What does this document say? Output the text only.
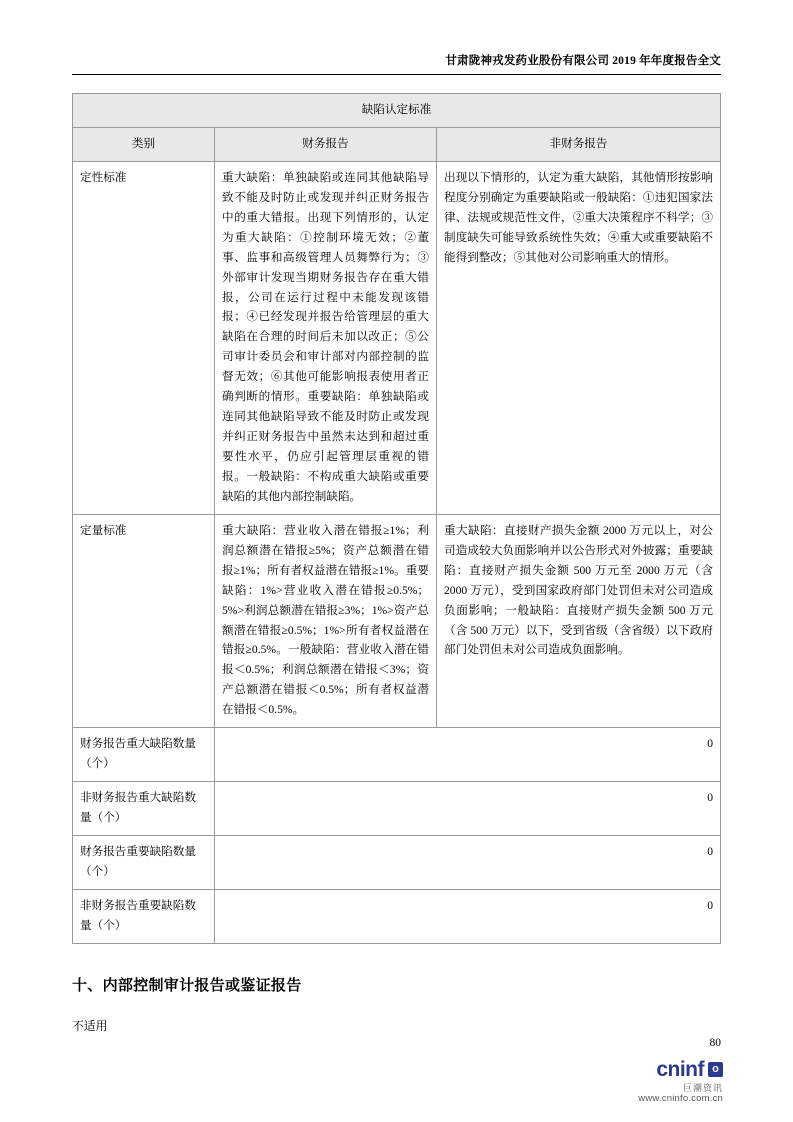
甘肃陇神戎发药业股份有限公司 2019 年年度报告全文
缺陷认定标准		
类别	财务报告	非财务报告
定性标准	重大缺陷：单独缺陷或连同其他缺陷导致不能及时防止或发现并纠正财务报告中的重大错报。出现下列情形的，认定为重大缺陷：①控制环境无效；②董事、监事和高级管理人员舞弊行为；③外部审计发现当期财务报告存在重大错报，公司在运行过程中未能发现该错报；④已经发现并报告给管理层的重大缺陷在合理的时间后未加以改正；⑤公司审计委员会和审计部对内部控制的监督无效；⑥其他可能影响报表使用者正确判断的情形。重要缺陷：单独缺陷或连同其他缺陷导致不能及时防止或发现并纠正财务报告中虽然未达到和超过重要性水平，仍应引起管理层重视的错报。一般缺陷：不构成重大缺陷或重要缺陷的其他内部控制缺陷。	出现以下情形的，认定为重大缺陷，其他情形按影响程度分别确定为重要缺陷或一般缺陷：①违犯国家法律、法规或规范性文件，②重大决策程序不科学；③制度缺失可能导致系统性失效；④重大或重要缺陷不能得到整改；⑤其他对公司影响重大的情形。
定量标准	重大缺陷：营业收入潜在错报≥1%；利润总额潜在错报≥5%；资产总额潜在错报≥1%；所有者权益潜在错报≥1%。重要缺陷：1%>营业收入潜在错报≥0.5%；5%>利润总额潜在错报≥3%；1%>资产总额潜在错报≥0.5%；1%>所有者权益潜在错报≥0.5%。一般缺陷：营业收入潜在错报＜0.5%；利润总额潜在错报＜3%；资产总额潜在错报＜0.5%；所有者权益潜在错报＜0.5%。	重大缺陷：直接财产损失金额 2000 万元以上，对公司造成较大负面影响并以公告形式对外披露；重要缺陷：直接财产损失金额 500 万元至 2000 万元（含 2000 万元），受到国家政府部门处罚但未对公司造成负面影响；一般缺陷：直接财产损失金额 500 万元（含 500 万元）以下，受到省级（含省级）以下政府部门处罚但未对公司造成负面影响。
财务报告重大缺陷数量（个）	0	
非财务报告重大缺陷数量（个）	0	
财务报告重要缺陷数量（个）	0	
非财务报告重要缺陷数量（个）	0	
十、内部控制审计报告或鉴证报告
不适用
80
cninf o
巨潮资讯
www.cninfo.com.cn
